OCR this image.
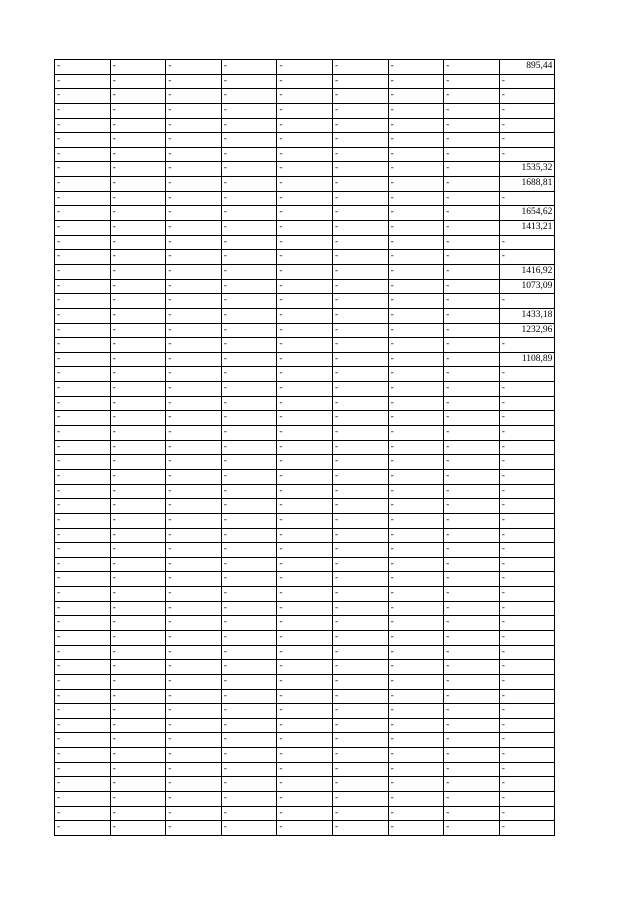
-	-	-	-	-	-	-	-	895,44
-	-	-	-	-	-	-	-	-
-	-	-	-	-	-	-	-	-
-	-	-	-	-	-	-	-	-
-	-	-	-	-	-	-	-	-
-	-	-	-	-	-	-	-	-
-	-	-	-	-	-	-	-	-
-	-	-	-	-	-	-	-	1535,32
-	-	-	-	-	-	-	-	1688,81
-	-	-	-	-	-	-	-	-
-	-	-	-	-	-	-	-	1654,62
-	-	-	-	-	-	-	-	1413,21
-	-	-	-	-	-	-	-	-
-	-	-	-	-	-	-	-	-
-	-	-	-	-	-	-	-	1416,92
-	-	-	-	-	-	-	-	1073,09
-	-	-	-	-	-	-	-	-
-	-	-	-	-	-	-	-	1433,18
-	-	-	-	-	-	-	-	1232,96
-	-	-	-	-	-	-	-	-
-	-	-	-	-	-	-	-	1108,89
-	-	-	-	-	-	-	-	-
-	-	-	-	-	-	-	-	-
-	-	-	-	-	-	-	-	-
-	-	-	-	-	-	-	-	-
-	-	-	-	-	-	-	-	-
-	-	-	-	-	-	-	-	-
-	-	-	-	-	-	-	-	-
-	-	-	-	-	-	-	-	-
-	-	-	-	-	-	-	-	-
-	-	-	-	-	-	-	-	-
-	-	-	-	-	-	-	-	-
-	-	-	-	-	-	-	-	-
-	-	-	-	-	-	-	-	-
-	-	-	-	-	-	-	-	-
-	-	-	-	-	-	-	-	-
-	-	-	-	-	-	-	-	-
-	-	-	-	-	-	-	-	-
-	-	-	-	-	-	-	-	-
-	-	-	-	-	-	-	-	-
-	-	-	-	-	-	-	-	-
-	-	-	-	-	-	-	-	-
-	-	-	-	-	-	-	-	-
-	-	-	-	-	-	-	-	-
-	-	-	-	-	-	-	-	-
-	-	-	-	-	-	-	-	-
-	-	-	-	-	-	-	-	-
-	-	-	-	-	-	-	-	-
-	-	-	-	-	-	-	-	-
-	-	-	-	-	-	-	-	-
-	-	-	-	-	-	-	-	-
-	-	-	-	-	-	-	-	-
-	-	-	-	-	-	-	-	-
